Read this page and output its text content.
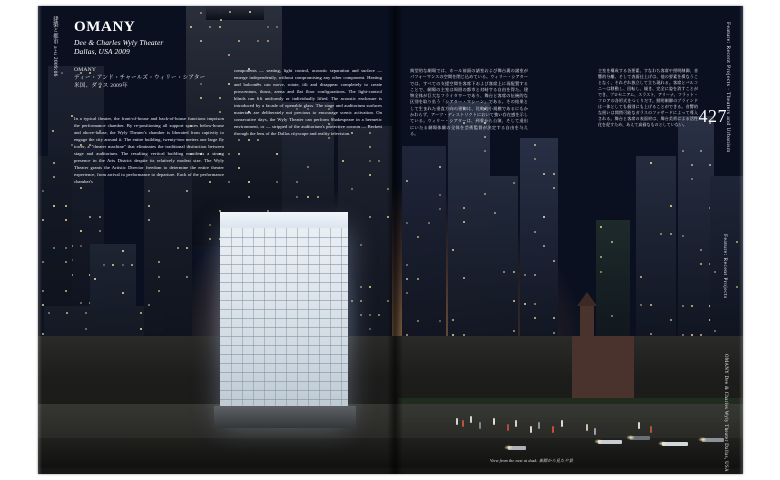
建築と都市 a+u 2009:06	Feature: Recent Projects · Theaters and Urbanism
427
Feature: Recent Projects
OMANY Dee & Charles Wyly Theater Dallas, USA

OMANY

Dee & Charles Wyly Theater

Dallas, USA 2009

OMANY
ディー・アンド・チャールズ・ウィリー・シアター
米国、ダラス 2009年

In a typical theater, the front-of-house and back-of-house functions imprison the performance chamber. By re-positioning all support spaces below-house and above-house, the Wyly Theater's chamber is liberated from captivity to engage the city around it. The entire building, twenty-two meters one large fly tower, a "theater machine" that eliminates the traditional distinction between stage and auditorium. The resulting vertical building manifests a strong presence in the Arts District despite its relatively modest size. The Wyly Theater grants the Artistic Director freedom to determine the entire theater experience, from arrival to performance to departure. Each of the performance chamber's

components — seating, light control, acoustic separation and surface — emerge independently, without compromising any other component. Heating and balconies can move, rotate, tilt and disappear completely to create proscenium, thrust, arena and flat floor configurations. The light-control blinds can lift uniformly or individually lifted. The acoustic enclosure is introduced by a facade of openable glass. The stage and auditorium surfaces materials are deliberately not precious to encourage scenic activation. On consecutive days, the Wyly Theater can perform Shakespeare in a hermetic environment, or — stripped of the auditorium's protective cocoon — Beckett through the lens of the Dallas cityscape and reality television.

典型的な劇場では、ホール前面の諸室および舞台裏の諸室がパフォーマンスの空間を閉じ込めている。ウィリー・シアターでは、すべての支援空間を客席下および客席上に再配置することで、劇場の主室は周囲の都市と対峙する自由を得た。建物全体が巨大なフライタワーであり、舞台と客席の伝統的な区別を取り払う「シアター・マシーン」である。その結果として生まれた垂直方向の建物は、比較的小規模であるにもかかわらず、アーツ・ディストリクトにおいて強い存在感を示している。ウィリー・シアターは、到着から公演、そして退出にいたる劇場体験の全体を芸術監督が決定する自由を与える。

主室を構成する各要素、すなわち客席や照明制御、音響的分離、そして表面仕上げは、他の要素を損なうことなく、それぞれ独立して立ち現れる。客席とバルコニーは移動し、回転し、傾き、完全に姿を消すことができ、プロセニアム、スラスト、アリーナ、フラット・フロアの各形式をつくりだす。照明制御のブラインドは一体としても個別にも上げることができる。音響的な囲いは開閉可能なガラスのファサードによって導入される。舞台と客席の表面材は、舞台美術による活性化を促すため、あえて高価なものとしていない。

View from the east at dusk. 東側から見た夕景
